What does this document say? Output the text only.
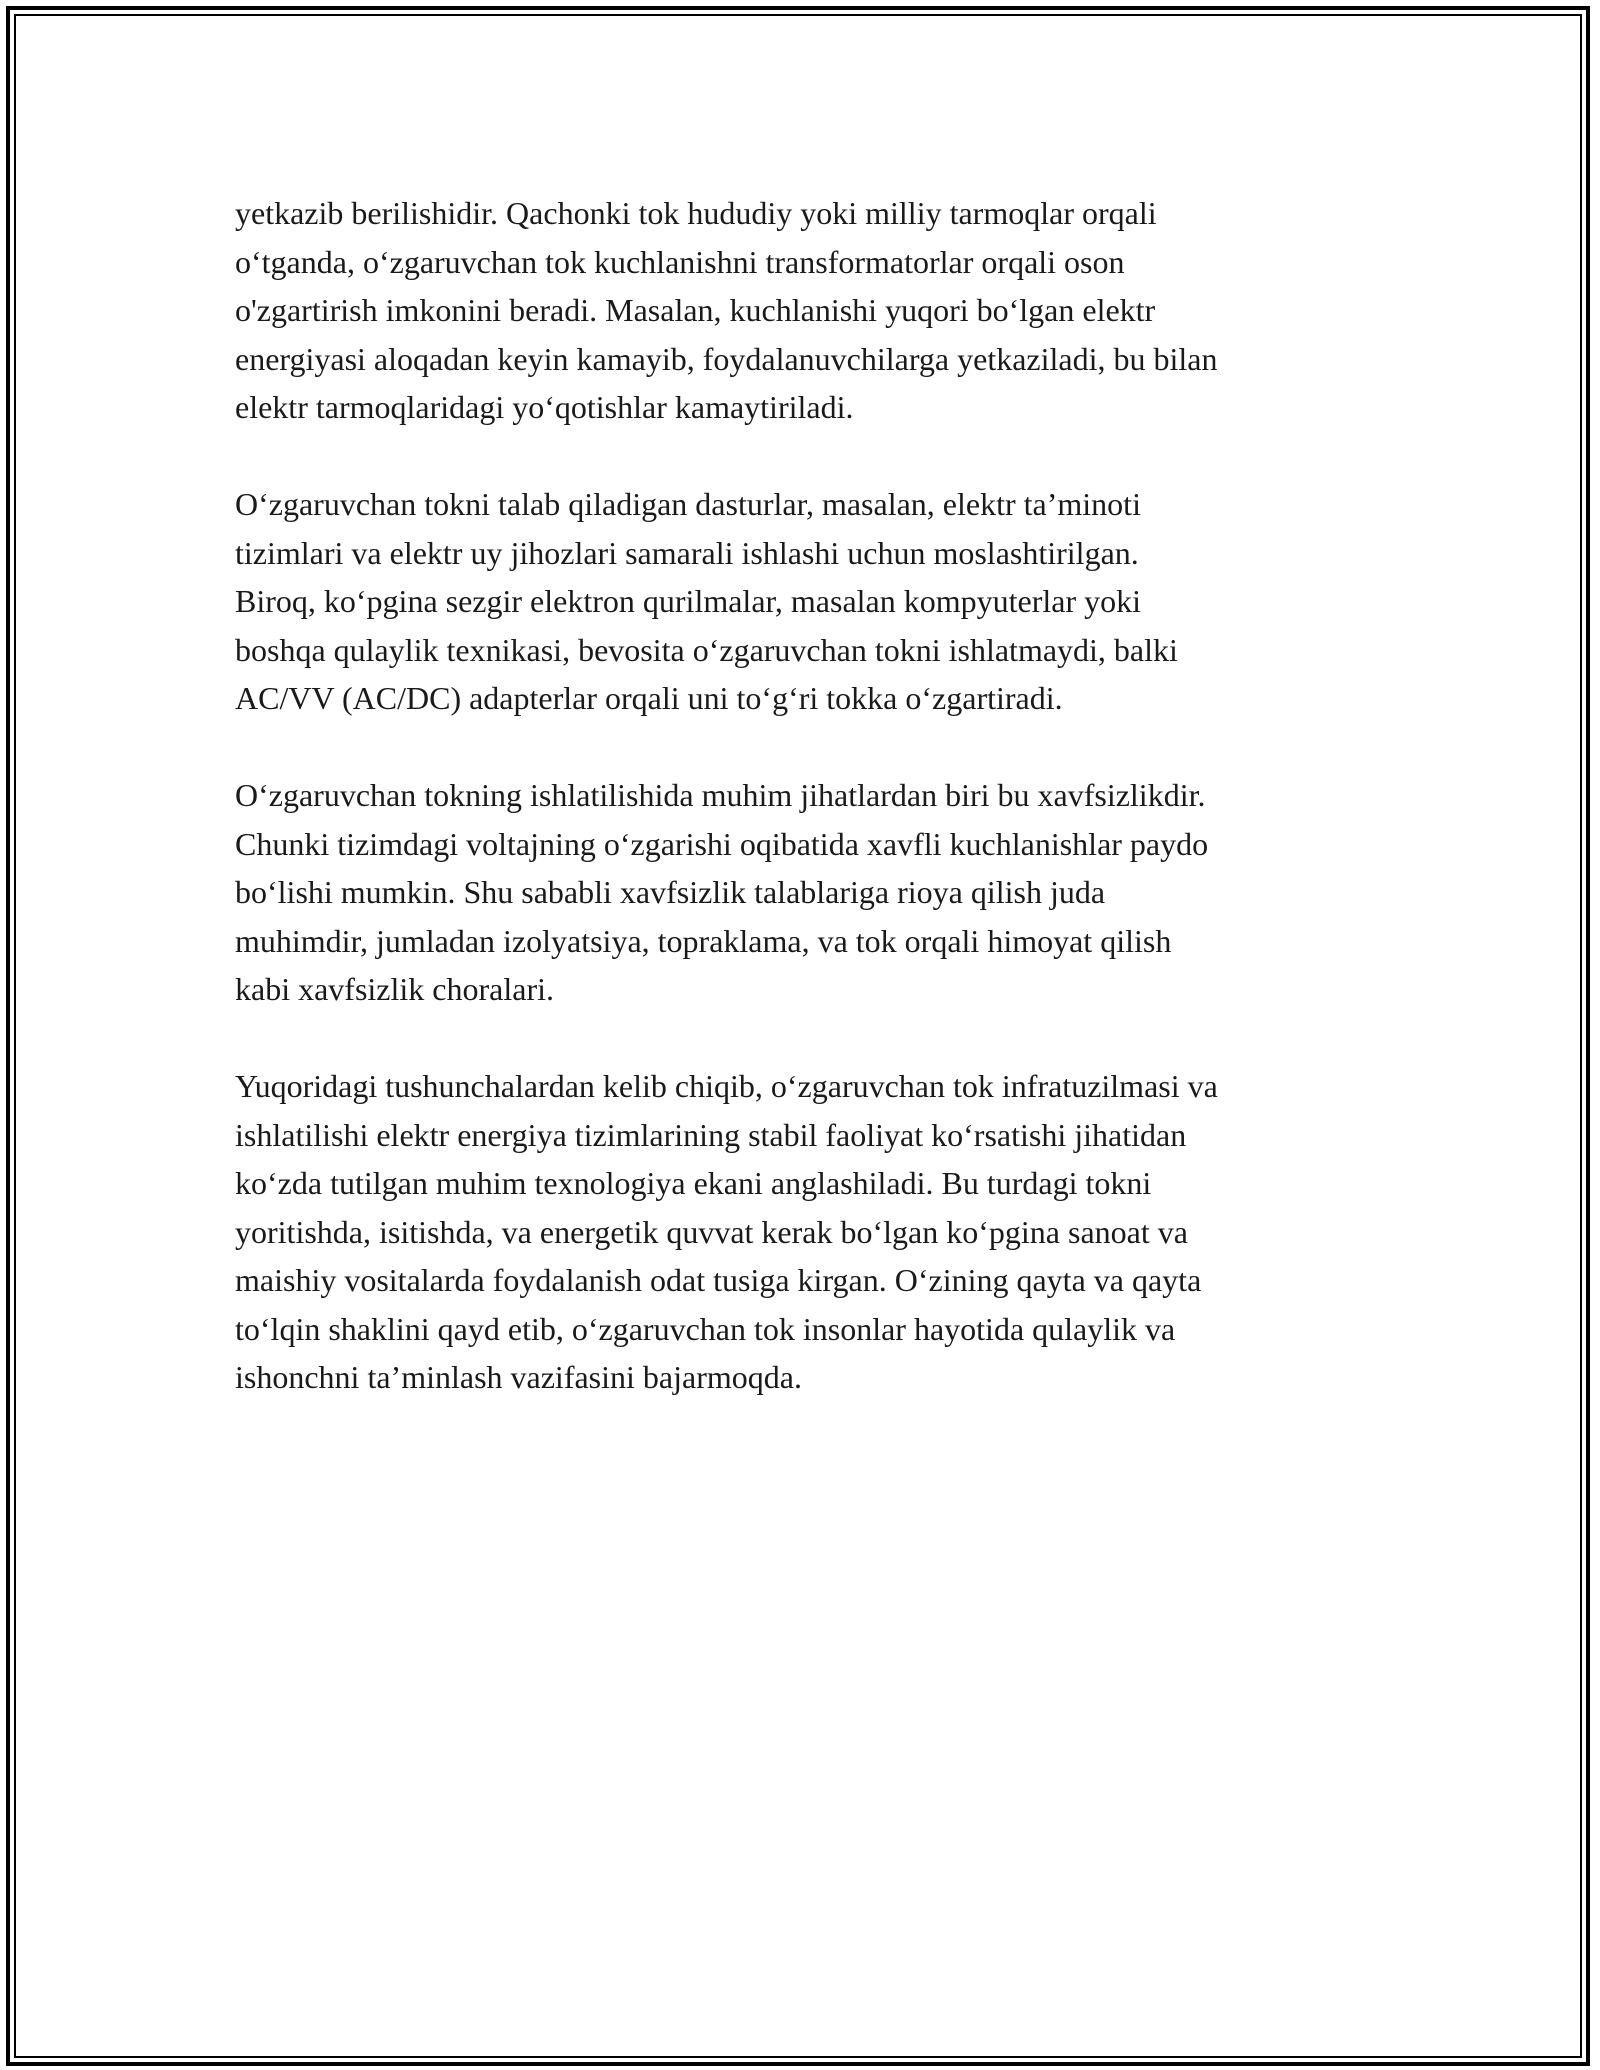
yetkazib berilishidir. Qachonki tok hududiy yoki milliy tarmoqlar orqali
o‘tganda, o‘zgaruvchan tok kuchlanishni transformatorlar orqali oson
o'zgartirish imkonini beradi. Masalan, kuchlanishi yuqori bo‘lgan elektr
energiyasi aloqadan keyin kamayib, foydalanuvchilarga yetkaziladi, bu bilan
elektr tarmoqlaridagi yo‘qotishlar kamaytiriladi.

O‘zgaruvchan tokni talab qiladigan dasturlar, masalan, elektr ta’minoti
tizimlari va elektr uy jihozlari samarali ishlashi uchun moslashtirilgan.
Biroq, ko‘pgina sezgir elektron qurilmalar, masalan kompyuterlar yoki
boshqa qulaylik texnikasi, bevosita o‘zgaruvchan tokni ishlatmaydi, balki
AC/VV (AC/DC) adapterlar orqali uni to‘g‘ri tokka o‘zgartiradi.

O‘zgaruvchan tokning ishlatilishida muhim jihatlardan biri bu xavfsizlikdir.
Chunki tizimdagi voltajning o‘zgarishi oqibatida xavfli kuchlanishlar paydo
bo‘lishi mumkin. Shu sababli xavfsizlik talablariga rioya qilish juda
muhimdir, jumladan izolyatsiya, topraklama, va tok orqali himoyat qilish
kabi xavfsizlik choralari.

Yuqoridagi tushunchalardan kelib chiqib, o‘zgaruvchan tok infratuzilmasi va
ishlatilishi elektr energiya tizimlarining stabil faoliyat ko‘rsatishi jihatidan
ko‘zda tutilgan muhim texnologiya ekani anglashiladi. Bu turdagi tokni
yoritishda, isitishda, va energetik quvvat kerak bo‘lgan ko‘pgina sanoat va
maishiy vositalarda foydalanish odat tusiga kirgan. O‘zining qayta va qayta
to‘lqin shaklini qayd etib, o‘zgaruvchan tok insonlar hayotida qulaylik va
ishonchni ta’minlash vazifasini bajarmoqda.
